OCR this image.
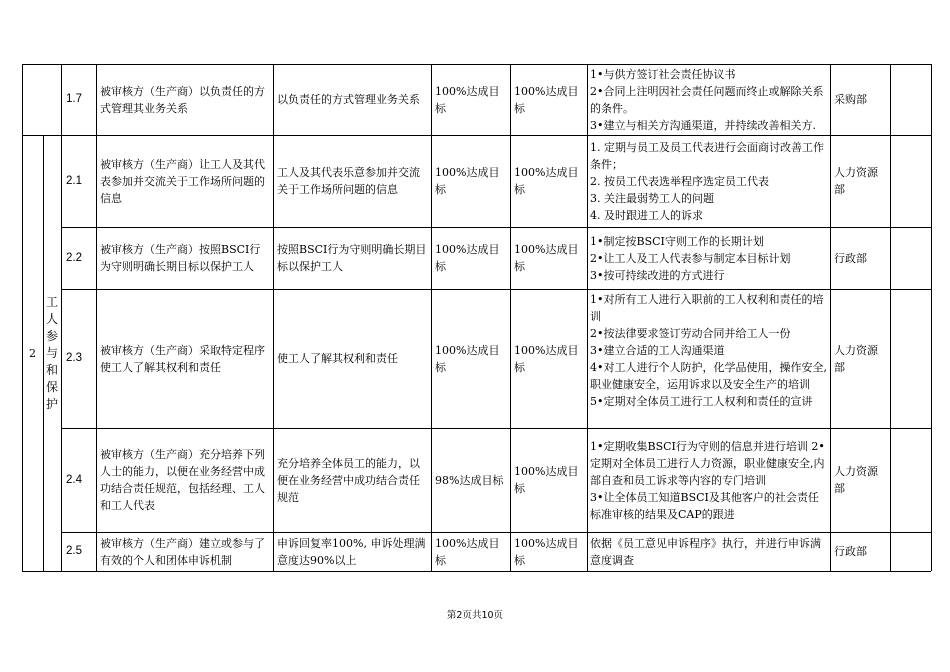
2
工
人
参
与
和
保
护
1.7
被审核方（生产商）以负责任的方式管理其业务关系
以负责任的方式管理业务关系
100%达成目标
100%达成目标
1•与供方签订社会责任协议书
2•合同上注明因社会责任问题而终止或解除关系的条件。
3•建立与相关方沟通渠道，并持续改善相关方.
采购部
2.1
被审核方（生产商）让工人及其代表参加并交流关于工作场所问题的信息
工人及其代表乐意参加并交流关于工作场所问题的信息
100%达成目标
100%达成目标
1. 定期与员工及员工代表进行会面商讨改善工作条件；
2. 按员工代表选举程序选定员工代表
3. 关注最弱势工人的问题
4. 及时跟进工人的诉求
人力资源部
2.2
被审核方（生产商）按照BSCI行为守则明确长期目标以保护工人
按照BSCI行为守则明确长期目标以保护工人
100%达成目标
100%达成目标
1•制定按BSCI守则工作的长期计划
2•让工人及工人代表参与制定本目标计划
3•按可持续改进的方式进行
行政部
2.3
被审核方（生产商）采取特定程序使工人了解其权利和责任
使工人了解其权利和责任
100%达成目标
100%达成目标
1•对所有工人进行入职前的工人权利和责任的培训
2•按法律要求签订劳动合同并给工人一份
3•建立合适的工人沟通渠道
4•对工人进行个人防护，化学品使用，操作安全,职业健康安全，运用诉求以及安全生产的培训
5•定期对全体员工进行工人权利和责任的宣讲
人力资源部
2.4
被审核方（生产商）充分培养下列人士的能力，以便在业务经营中成功结合责任规范，包括经理、工人和工人代表
充分培养全体员工的能力，以便在业务经营中成功结合责任规范
98%达成目标
100%达成目标
1•定期收集BSCI行为守则的信息并进行培训 2•定期对全体员工进行人力资源，职业健康安全,内部自查和员工诉求等内容的专门培训
3•让全体员工知道BSCI及其他客户的社会责任标准审核的结果及CAP的跟进
人力资源部
2.5
被审核方（生产商）建立或参与了有效的个人和团体申诉机制
申诉回复率100%, 申诉处理满意度达90%以上
100%达成目标
100%达成目标
依据《员工意见申诉程序》执行，并进行申诉满意度调查
行政部
第2页共10页
